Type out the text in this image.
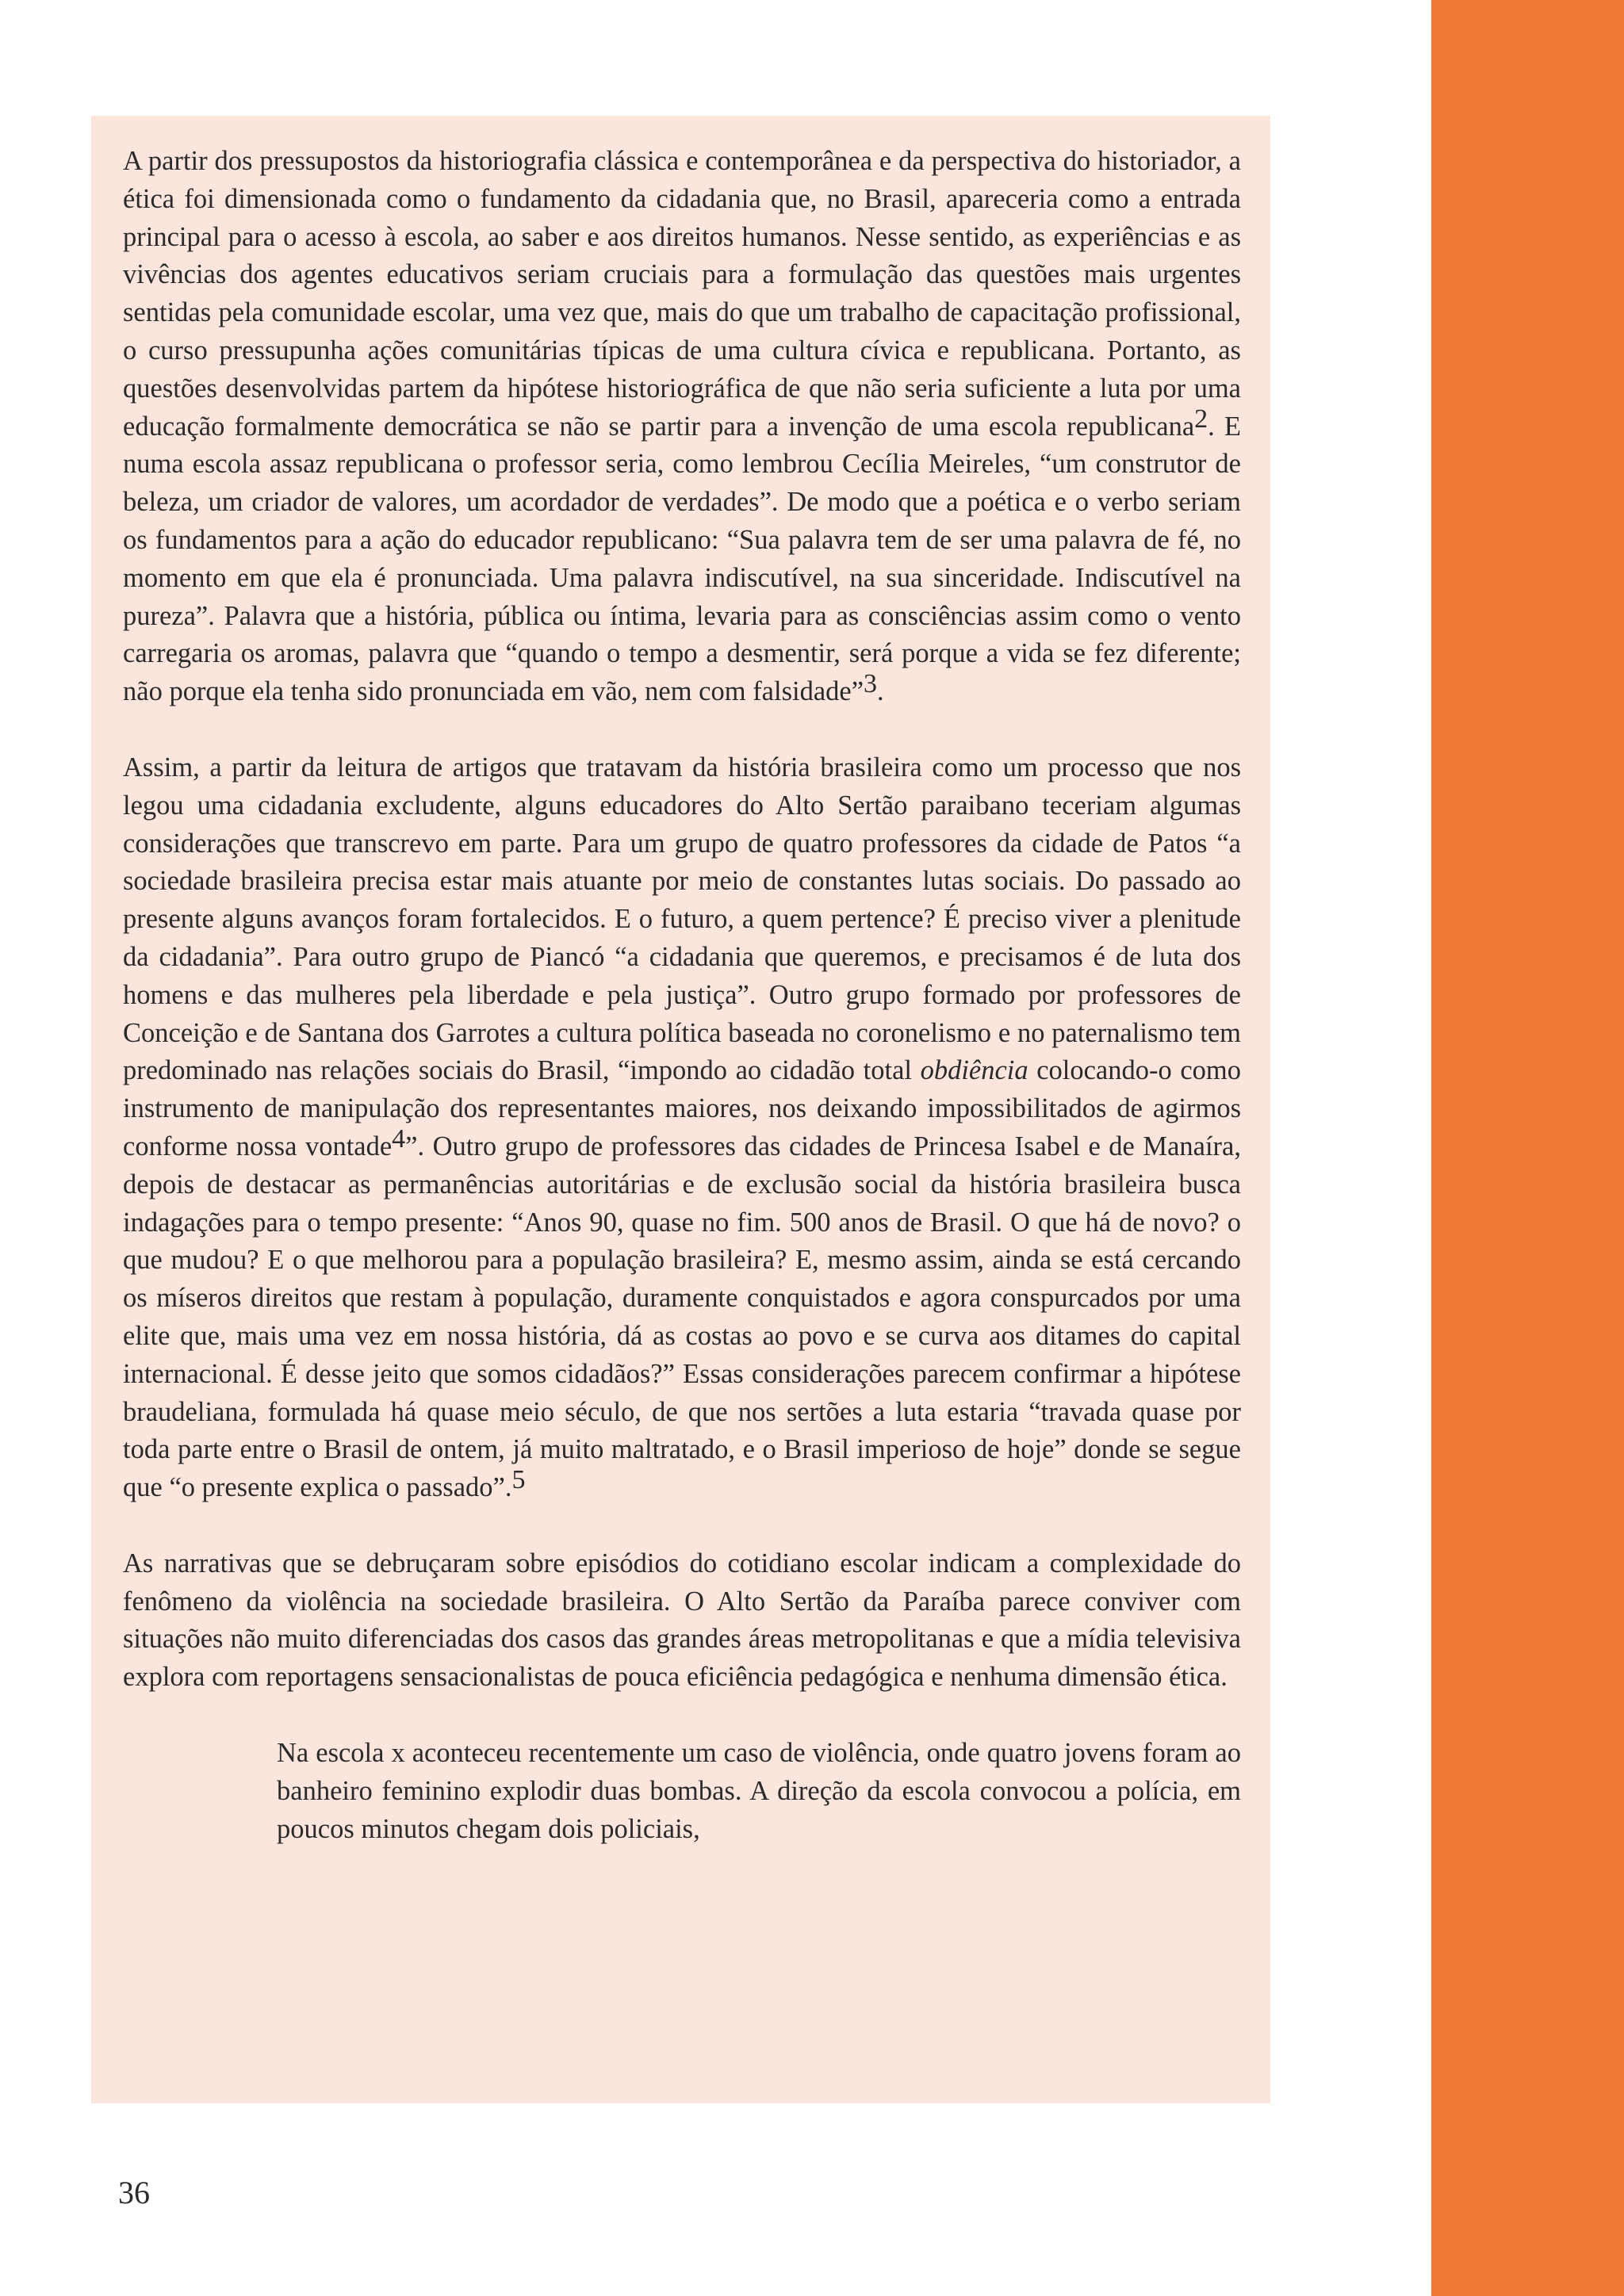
A partir dos pressupostos da historiografia clássica e contemporânea e da perspectiva do historiador, a ética foi dimensionada como o fundamento da cidadania que, no Brasil, apareceria como a entrada principal para o acesso à escola, ao saber e aos direitos humanos. Nesse sentido, as experiências e as vivências dos agentes educativos seriam cruciais para a formulação das questões mais urgentes sentidas pela comunidade escolar, uma vez que, mais do que um trabalho de capacitação profissional, o curso pressupunha ações comunitárias típicas de uma cultura cívica e republicana. Portanto, as questões desenvolvidas partem da hipótese historiográfica de que não seria suficiente a luta por uma educação formalmente democrática se não se partir para a invenção de uma escola republicana$^2$. E numa escola assaz republicana o professor seria, como lembrou Cecília Meireles, “um construtor de beleza, um criador de valores, um acordador de verdades”. De modo que a poética e o verbo seriam os fundamentos para a ação do educador republicano: “Sua palavra tem de ser uma palavra de fé, no momento em que ela é pronunciada. Uma palavra indiscutível, na sua sinceridade. Indiscutível na pureza”. Palavra que a história, pública ou íntima, levaria para as consciências assim como o vento carregaria os aromas, palavra que “quando o tempo a desmentir, será porque a vida se fez diferente; não porque ela tenha sido pronunciada em vão, nem com falsidade”$^3$.

Assim, a partir da leitura de artigos que tratavam da história brasileira como um processo que nos legou uma cidadania excludente, alguns educadores do Alto Sertão paraibano teceriam algumas considerações que transcrevo em parte. Para um grupo de quatro professores da cidade de Patos “a sociedade brasileira precisa estar mais atuante por meio de constantes lutas sociais. Do passado ao presente alguns avanços foram fortalecidos. E o futuro, a quem pertence? É preciso viver a plenitude da cidadania”. Para outro grupo de Piancó “a cidadania que queremos, e precisamos é de luta dos homens e das mulheres pela liberdade e pela justiça”. Outro grupo formado por professores de Conceição e de Santana dos Garrotes a cultura política baseada no coronelismo e no paternalismo tem predominado nas relações sociais do Brasil, “impondo ao cidadão total obdiência colocando-o como instrumento de manipulação dos representantes maiores, nos deixando impossibilitados de agirmos conforme nossa vontade$^4$”. Outro grupo de professores das cidades de Princesa Isabel e de Manaíra, depois de destacar as permanências autoritárias e de exclusão social da história brasileira busca indagações para o tempo presente: “Anos 90, quase no fim. 500 anos de Brasil. O que há de novo? o que mudou? E o que melhorou para a população brasileira? E, mesmo assim, ainda se está cercando os míseros direitos que restam à população, duramente conquistados e agora conspurcados por uma elite que, mais uma vez em nossa história, dá as costas ao povo e se curva aos ditames do capital internacional. É desse jeito que somos cidadãos?” Essas considerações parecem confirmar a hipótese braudeliana, formulada há quase meio século, de que nos sertões a luta estaria “travada quase por toda parte entre o Brasil de ontem, já muito maltratado, e o Brasil imperioso de hoje” donde se segue que “o presente explica o passado”.$^5$

As narrativas que se debruçaram sobre episódios do cotidiano escolar indicam a complexidade do fenômeno da violência na sociedade brasileira. O Alto Sertão da Paraíba parece conviver com situações não muito diferenciadas dos casos das grandes áreas metropolitanas e que a mídia televisiva explora com reportagens sensacionalistas de pouca eficiência pedagógica e nenhuma dimensão ética.

Na escola x aconteceu recentemente um caso de violência, onde quatro jovens foram ao banheiro feminino explodir duas bombas. A direção da escola convocou a polícia, em poucos minutos chegam dois policiais,

36
